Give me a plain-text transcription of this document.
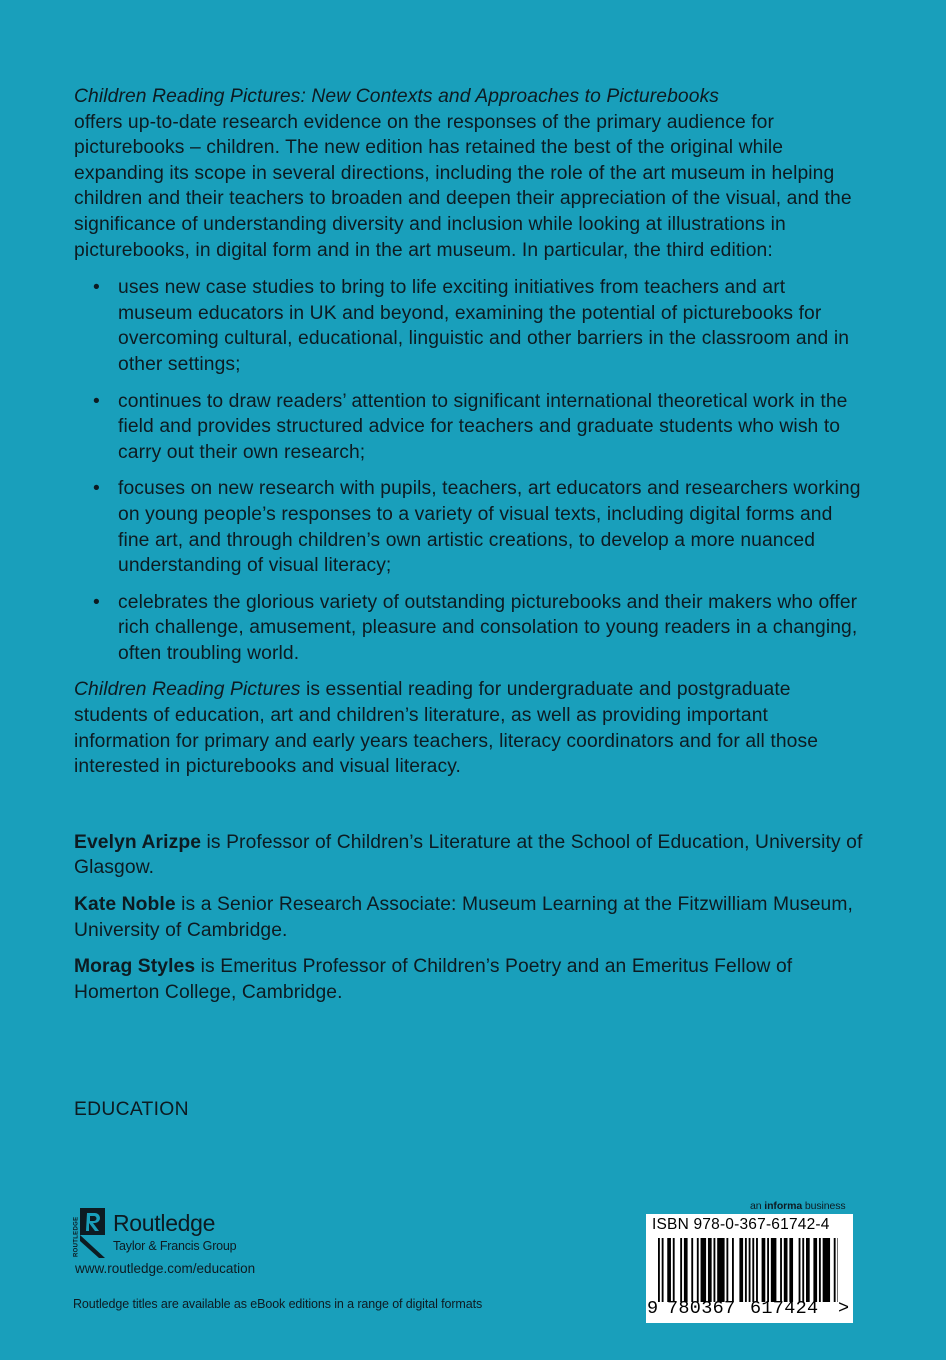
Children Reading Pictures: New Contexts and Approaches to Picturebooks
offers up-to-date research evidence on the responses of the primary audience for picturebooks – children. The new edition has retained the best of the original while expanding its scope in several directions, including the role of the art museum in helping children and their teachers to broaden and deepen their appreciation of the visual, and the significance of understanding diversity and inclusion while looking at illustrations in picturebooks, in digital form and in the art museum. In particular, the third edition:

• uses new case studies to bring to life exciting initiatives from teachers and art museum educators in UK and beyond, examining the potential of picturebooks for overcoming cultural, educational, linguistic and other barriers in the classroom and in other settings;
• continues to draw readers’ attention to significant international theoretical work in the field and provides structured advice for teachers and graduate students who wish to carry out their own research;
• focuses on new research with pupils, teachers, art educators and researchers working on young people’s responses to a variety of visual texts, including digital forms and fine art, and through children’s own artistic creations, to develop a more nuanced understanding of visual literacy;
• celebrates the glorious variety of outstanding picturebooks and their makers who offer rich challenge, amusement, pleasure and consolation to young readers in a changing, often troubling world.

Children Reading Pictures is essential reading for undergraduate and postgraduate students of education, art and children’s literature, as well as providing important information for primary and early years teachers, literacy coordinators and for all those interested in picturebooks and visual literacy.

Evelyn Arizpe is Professor of Children’s Literature at the School of Education, University of Glasgow.

Kate Noble is a Senior Research Associate: Museum Learning at the Fitzwilliam Museum, University of Cambridge.

Morag Styles is Emeritus Professor of Children’s Poetry and an Emeritus Fellow of Homerton College, Cambridge.

EDUCATION
ROUTLEDGE Routledge
Taylor & Francis Group
www.routledge.com/education
Routledge titles are available as eBook editions in a range of digital formats
an informa business
ISBN 978-0-367-61742-4
9 780367 617424 >
